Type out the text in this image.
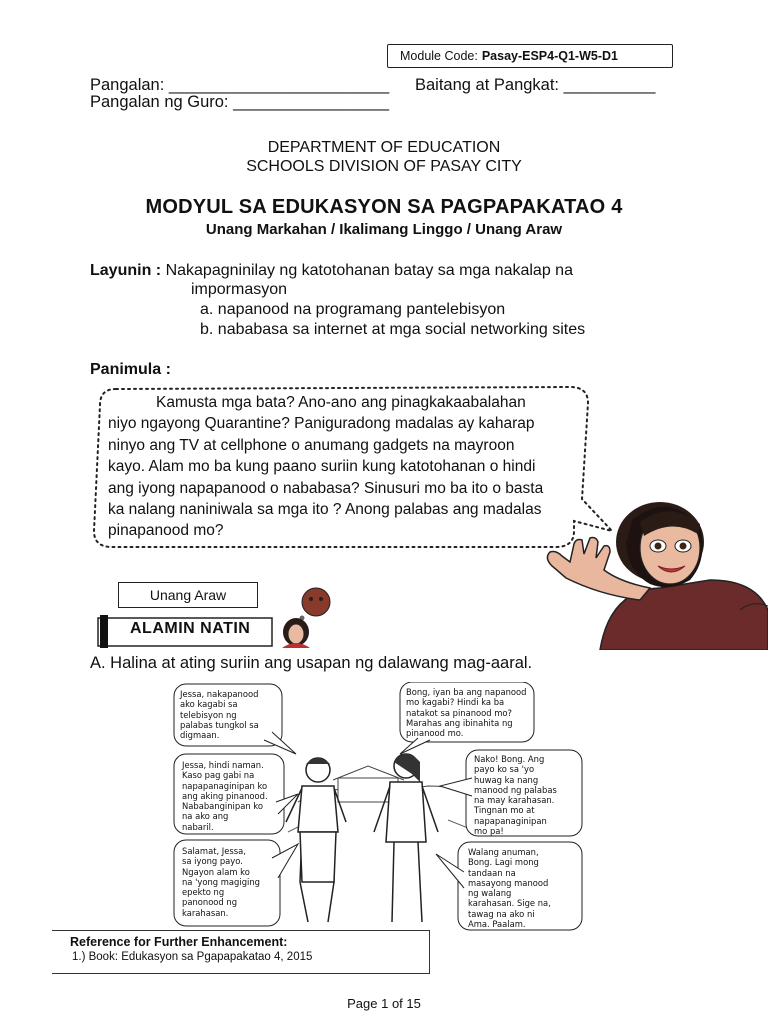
Module Code: Pasay-ESP4-Q1-W5-D1
Pangalan: ________________________ Baitang at Pangkat: __________
Pangalan ng Guro: _________________
DEPARTMENT OF EDUCATION
SCHOOLS DIVISION OF PASAY CITY
MODYUL SA EDUKASYON SA PAGPAPAKATAO 4
Unang Markahan / Ikalimang Linggo / Unang Araw
Layunin : Nakapagninilay ng katotohanan batay sa mga nakalap na
impormasyon
a. napanood na programang pantelebisyon
b. nababasa sa internet at mga social networking sites
Panimula :
Kamusta mga bata? Ano-ano ang pinagkakaabalahan
niyo ngayong Quarantine? Paniguradong madalas ay kaharap
ninyo ang TV at cellphone o anumang gadgets na mayroon
kayo. Alam mo ba kung paano suriin kung katotohanan o hindi
ang iyong napapanood o nababasa? Sinusuri mo ba ito o basta
ka nalang naniniwala sa mga ito ? Anong palabas ang madalas
pinapanood mo?
Unang Araw
ALAMIN NATIN
A. Halina at ating suriin ang usapan ng dalawang mag-aaral.
Jessa, nakapanood
ako kagabi sa
telebisyon ng
palabas tungkol sa
digmaan.
Jessa, hindi naman.
Kaso pag gabi na
napapanaginipan ko
ang aking pinanood.
Nababanginipan ko
na ako ang
nabaril.
Salamat, Jessa,
sa iyong payo.
Ngayon alam ko
na 'yong magiging
epekto ng
panonood ng
karahasan.
Bong, iyan ba ang napanood
mo kagabi? Hindi ka ba
natakot sa pinanood mo?
Marahas ang ibinahita ng
pinanood mo.
Nako! Bong. Ang
payo ko sa 'yo
huwag ka nang
manood ng palabas
na may karahasan.
Tingnan mo at
napapanaginipan
mo pa!
Walang anuman,
Bong. Lagi mong
tandaan na
masayong manood
ng walang
karahasan. Sige na,
tawag na ako ni
Ama. Paalam.
Reference for Further Enhancement:
1.) Book: Edukasyon sa Pgapapakatao 4, 2015
Page 1 of 15
